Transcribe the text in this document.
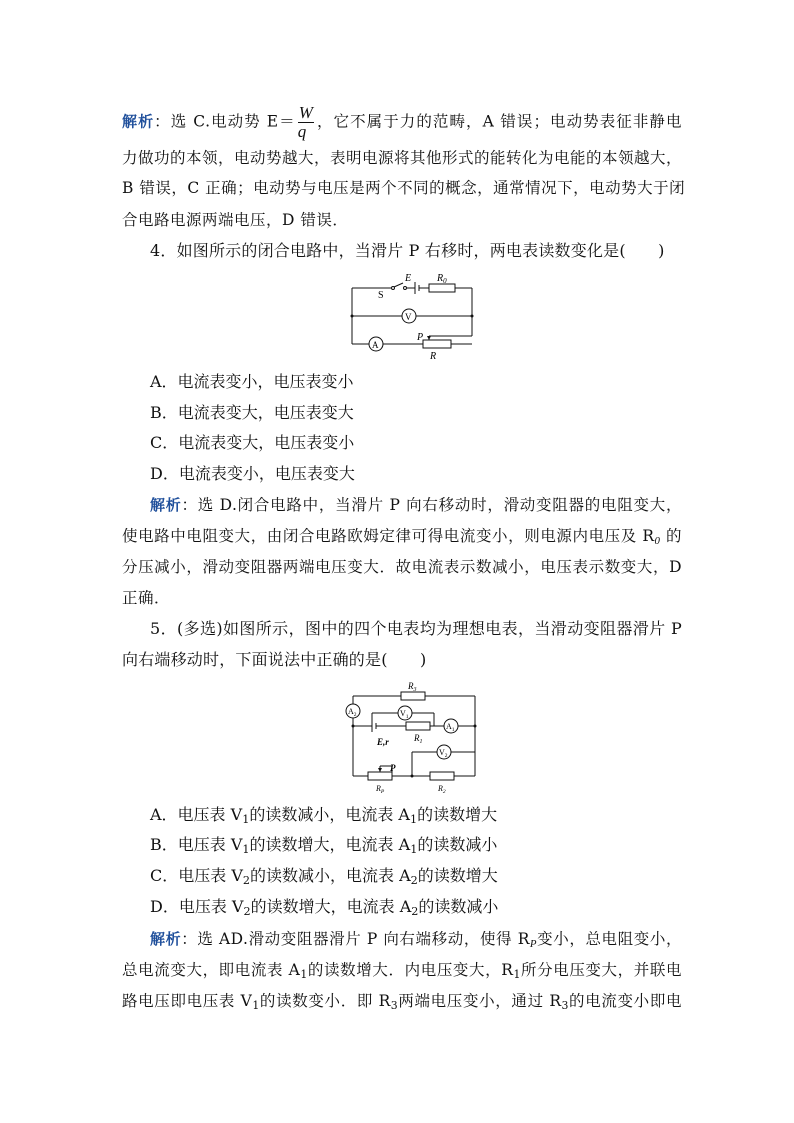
解析：选 C.电动势 $E= \frac{W}{q}$ ，它不属于力的范畴，A 错误；电动势表征非静电
力做功的本领，电动势越大，表明电源将其他形式的能转化为电能的本领越大，
B 错误，C 正确；电动势与电压是两个不同的概念，通常情况下，电动势大于闭
合电路电源两端电压，D 错误．
4．如图所示的闭合电路中，当滑片 P 右移时，两电表读数变化是(　　)
E	$R_0$
S
V
A
P
R
A．电流表变小，电压表变小
B．电流表变大，电压表变大
C．电流表变大，电压表变小
D．电流表变小，电压表变大
解析：选 D.闭合电路中，当滑片 P 向右移动时，滑动变阻器的电阻变大，
使电路中电阻变大，由闭合电路欧姆定律可得电流变小，则电源内电压及 $R_0$ 的
分压减小，滑动变阻器两端电压变大．故电流表示数减小，电压表示数变大，D
正确．
5．(多选)如图所示，图中的四个电表均为理想电表，当滑动变阻器滑片 P
向右端移动时，下面说法中正确的是(　　)
$R_3$
$A_2$	$V_1$
$A_1$
E,r	$R_1$
$V_2$
P
$R_P$	$R_2$
A．电压表 $V_1$的读数减小，电流表 $A_1$的读数增大
B．电压表 $V_1$的读数增大，电流表 $A_1$的读数减小
C．电压表 $V_2$的读数减小，电流表 $A_2$的读数增大
D．电压表 $V_2$的读数增大，电流表 $A_2$的读数减小
解析：选 AD.滑动变阻器滑片 P 向右端移动，使得 $R_P$变小，总电阻变小，
总电流变大，即电流表 $A_1$的读数增大．内电压变大，$R_1$所分电压变大，并联电
路电压即电压表 $V_1$的读数变小．即 $R_3$两端电压变小，通过 $R_3$的电流变小即电
